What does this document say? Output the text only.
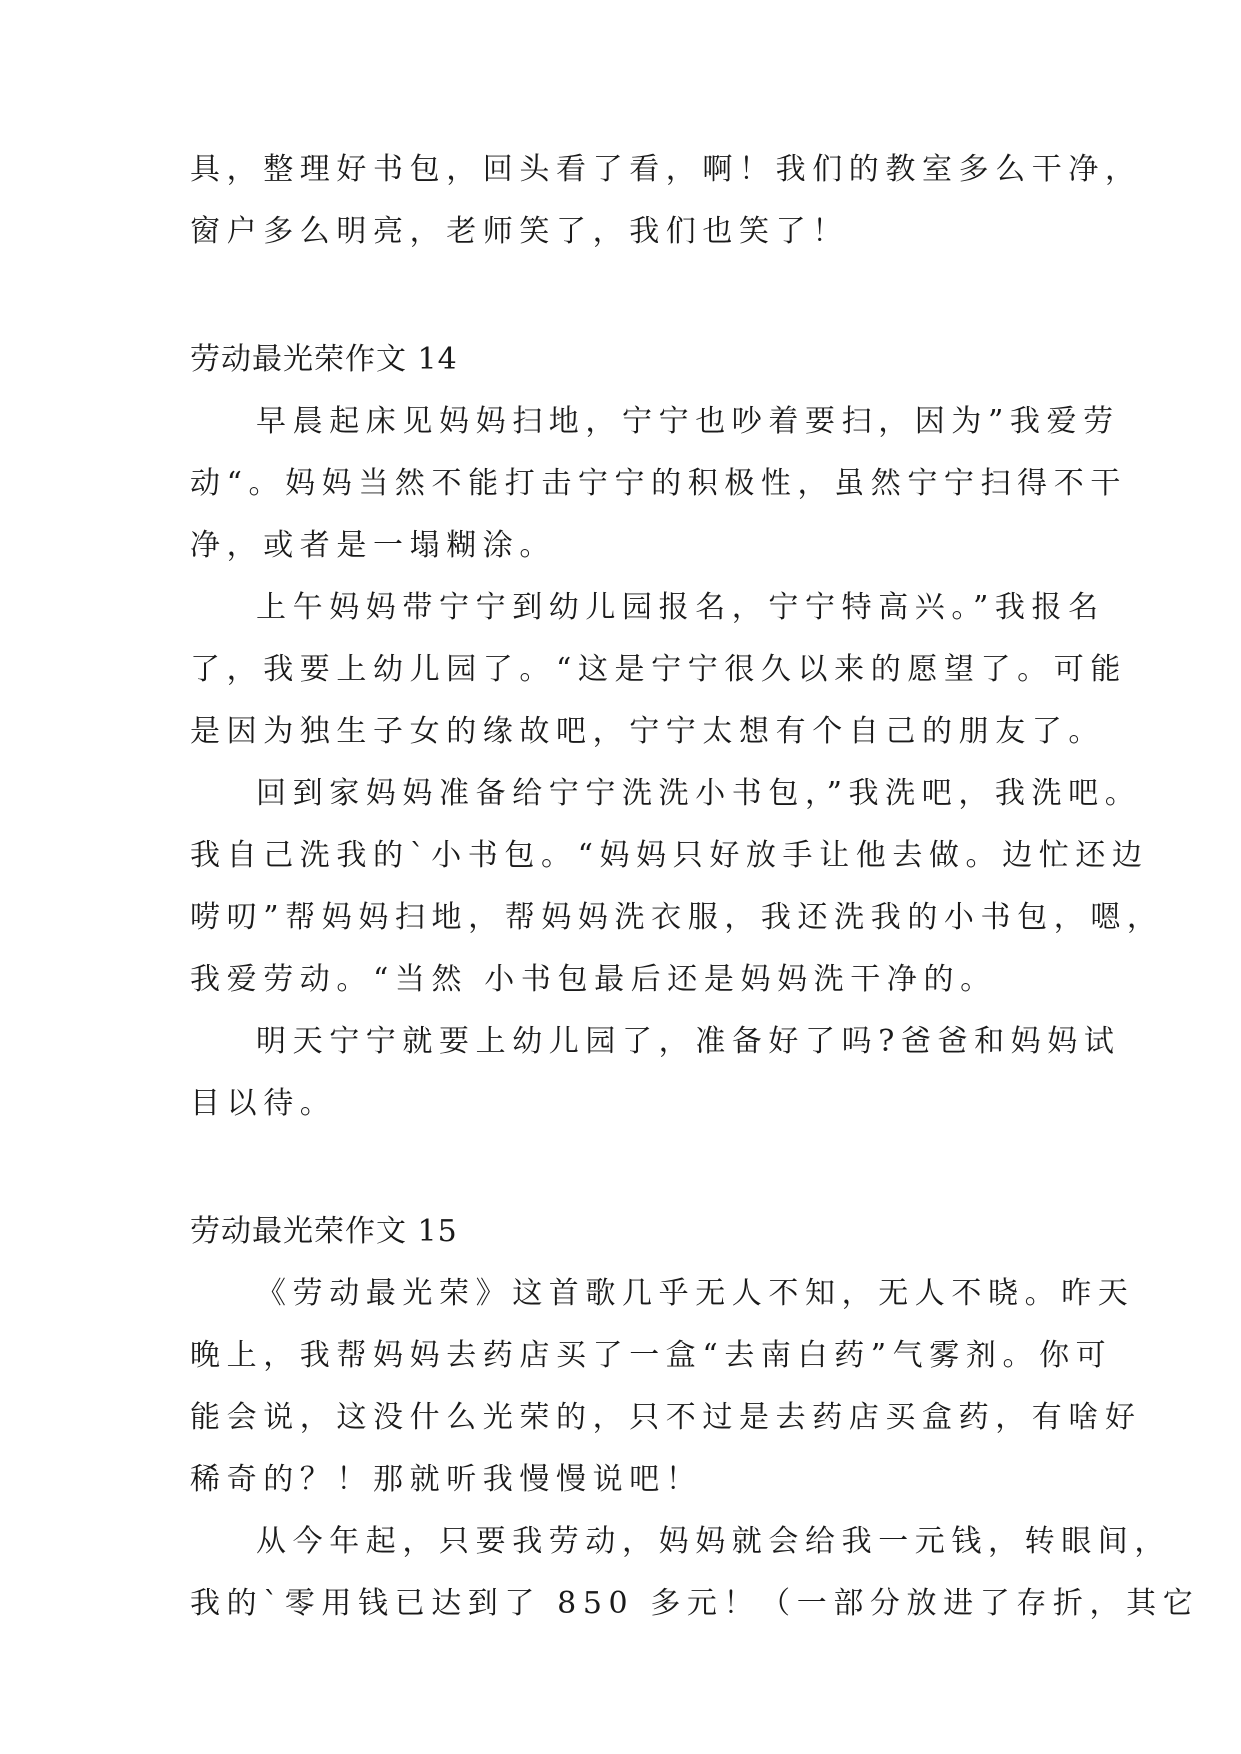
具，整理好书包，回头看了看，啊！我们的教室多么干净，
窗户多么明亮，老师笑了，我们也笑了！
劳动最光荣作文 14
早晨起床见妈妈扫地，宁宁也吵着要扫，因为”我爱劳
动“。妈妈当然不能打击宁宁的积极性，虽然宁宁扫得不干
净，或者是一塌糊涂。
上午妈妈带宁宁到幼儿园报名，宁宁特高兴。”我报名
了，我要上幼儿园了。“这是宁宁很久以来的愿望了。可能
是因为独生子女的缘故吧，宁宁太想有个自己的朋友了。
回到家妈妈准备给宁宁洗洗小书包，”我洗吧，我洗吧。
我自己洗我的`小书包。“妈妈只好放手让他去做。边忙还边
唠叨”帮妈妈扫地，帮妈妈洗衣服，我还洗我的小书包，嗯，
我爱劳动。“当然 小书包最后还是妈妈洗干净的。
明天宁宁就要上幼儿园了，准备好了吗?爸爸和妈妈试
目以待。
劳动最光荣作文 15
《劳动最光荣》这首歌几乎无人不知，无人不晓。昨天
晚上，我帮妈妈去药店买了一盒“去南白药”气雾剂。你可
能会说，这没什么光荣的，只不过是去药店买盒药，有啥好
稀奇的？！那就听我慢慢说吧！
从今年起，只要我劳动，妈妈就会给我一元钱，转眼间，
我的`零用钱已达到了 850 多元！（一部分放进了存折，其它
